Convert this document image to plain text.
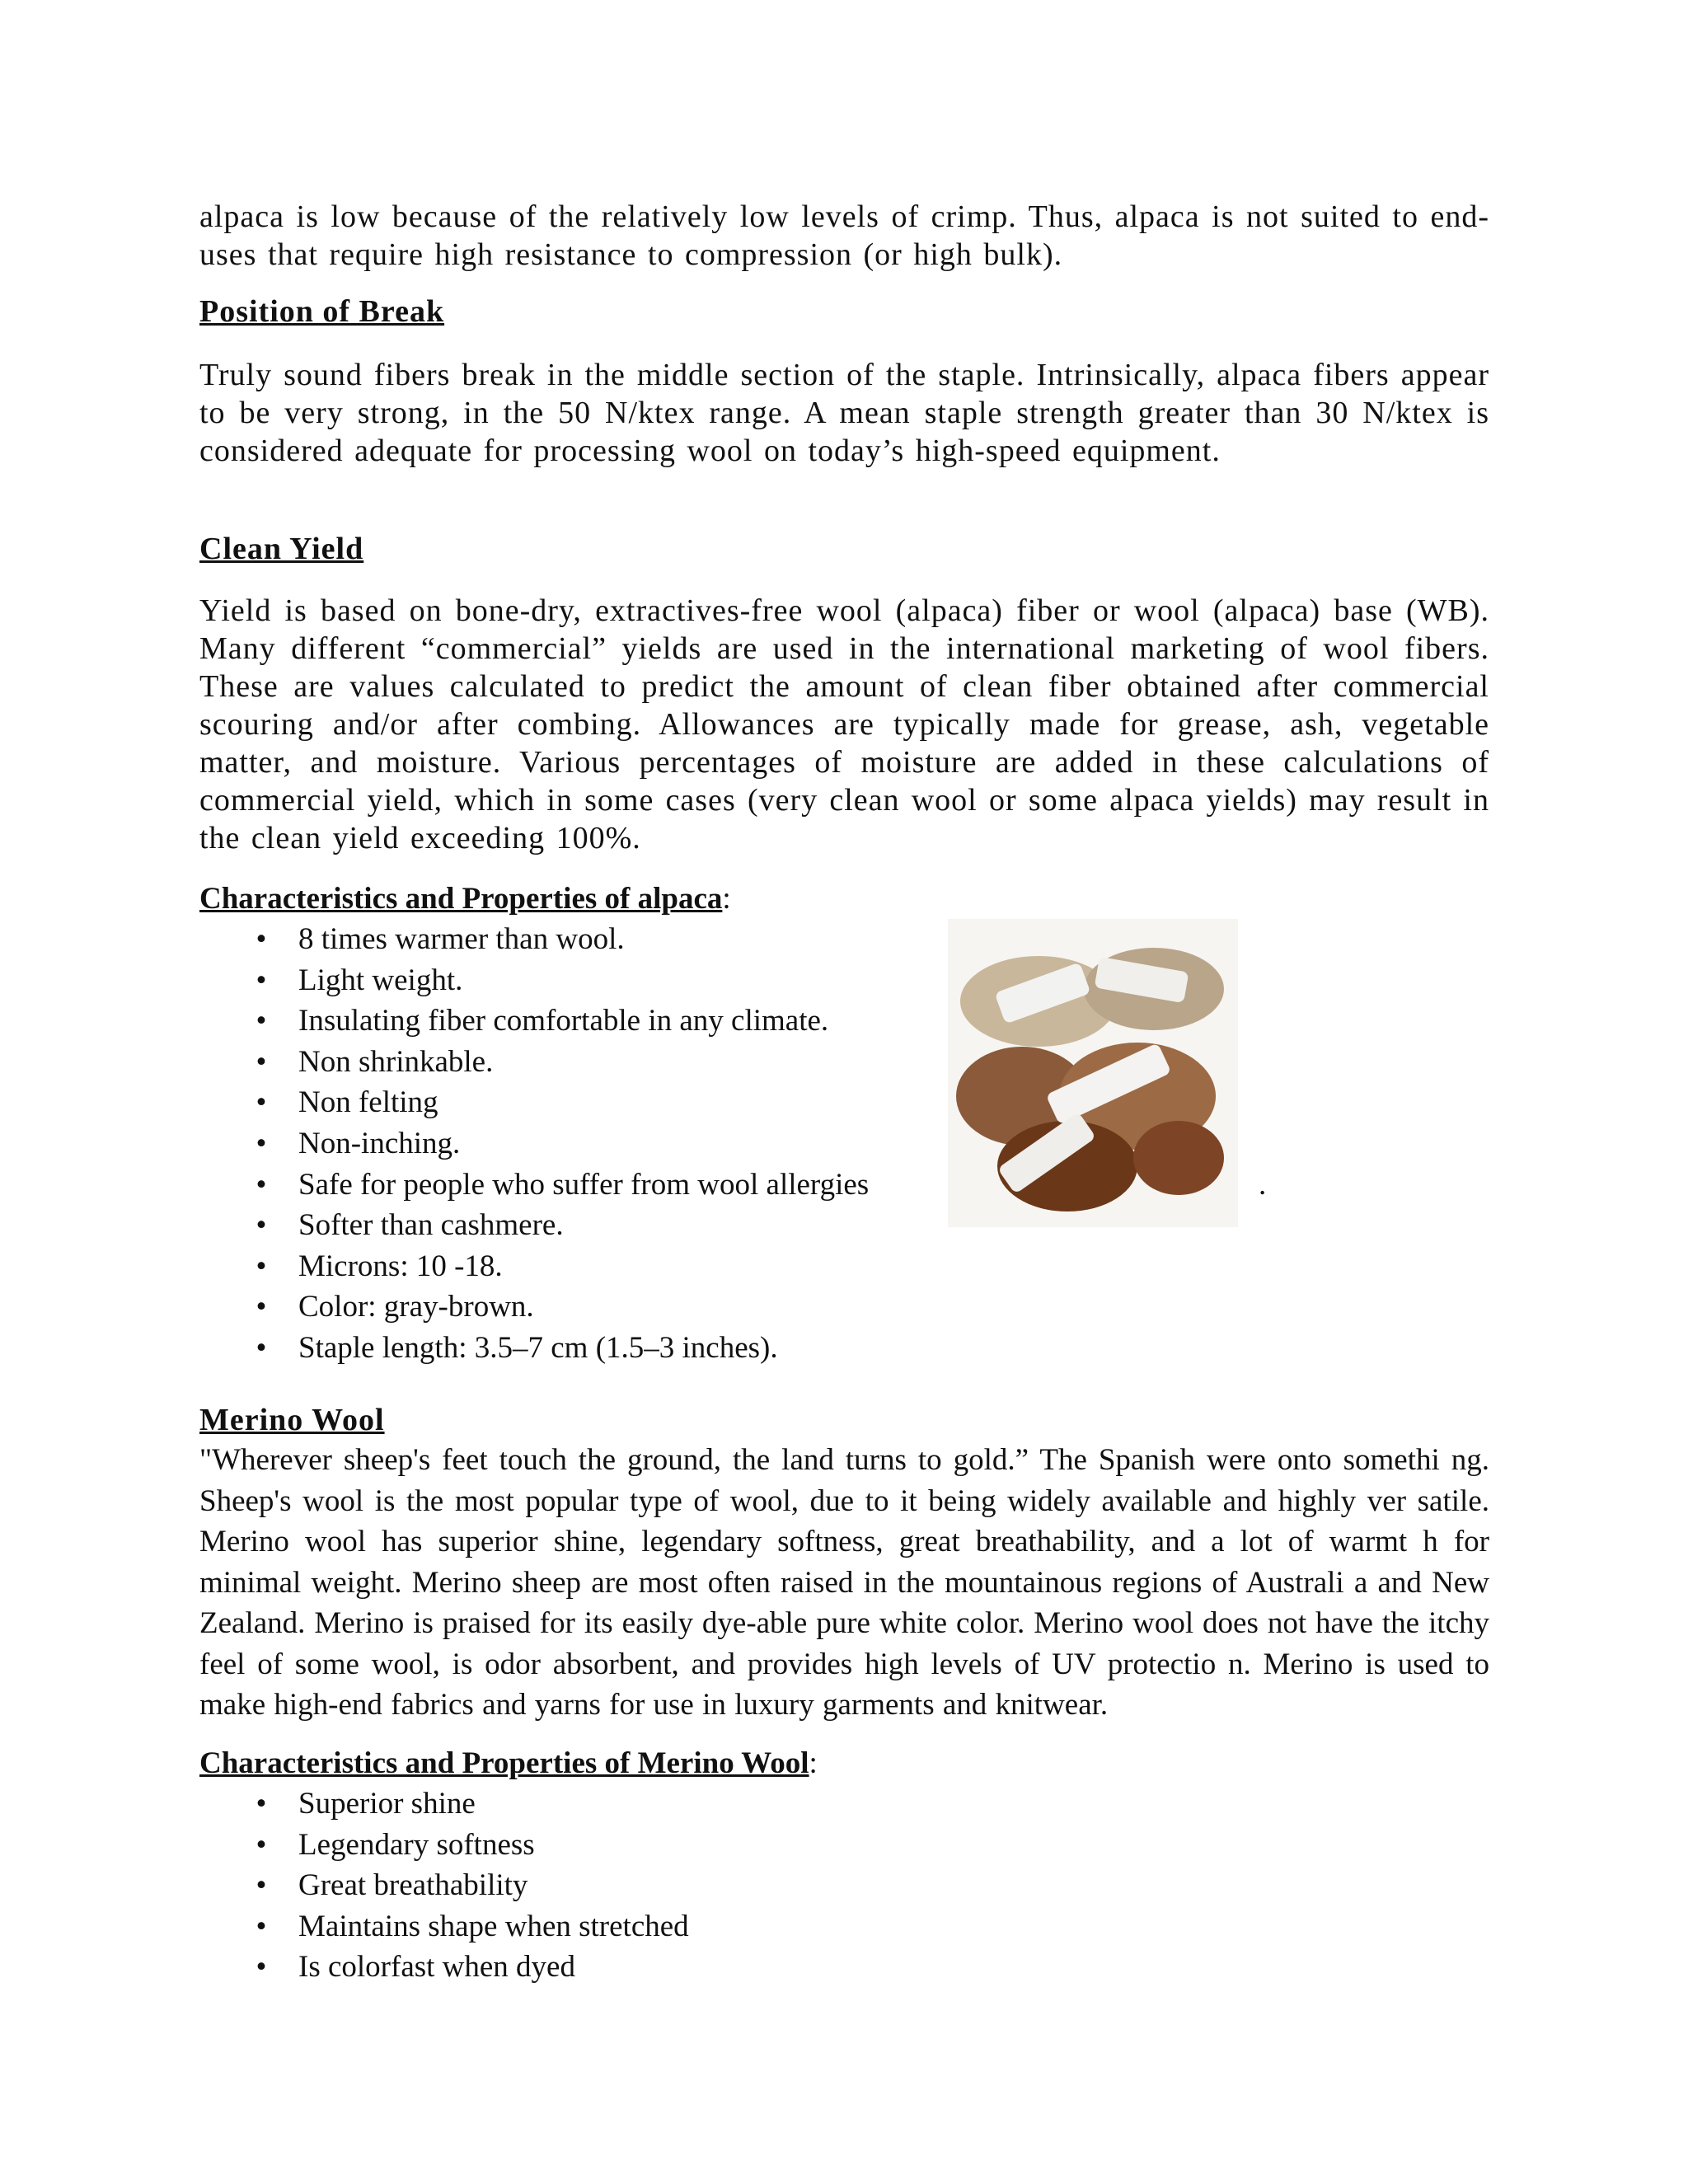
alpaca is low because of the relatively low levels of crimp. Thus, alpaca is not suited to end-uses that require high resistance to compression (or high bulk).

Position of Break

Truly sound fibers break in the middle section of the staple. Intrinsically, alpaca fibers appear to be very strong, in the 50 N/ktex range. A mean staple strength greater than 30 N/ktex is considered adequate for processing wool on today’s high-speed equipment.

Clean Yield

Yield is based on bone-dry, extractives-free wool (alpaca) fiber or wool (alpaca) base (WB). Many different “commercial” yields are used in the international marketing of wool fibers. These are values calculated to predict the amount of clean fiber obtained after commercial scouring and/or after combing. Allowances are typically made for grease, ash, vegetable matter, and moisture. Various percentages of moisture are added in these calculations of commercial yield, which in some cases (very clean wool or some alpaca yields) may result in the clean yield exceeding 100%.

Characteristics and Properties of alpaca:
• 8 times warmer than wool.
• Light weight.
• Insulating fiber comfortable in any climate.
• Non shrinkable.
• Non felting
• Non-inching.
• Safe for people who suffer from wool allergies	.
• Softer than cashmere.
• Microns: 10 -18.
• Color: gray-brown.
• Staple length: 3.5–7 cm (1.5–3 inches).

Merino Wool

"Wherever sheep's feet touch the ground, the land turns to gold.” The Spanish were onto somethi ng. Sheep's wool is the most popular type of wool, due to it being widely available and highly ver satile. Merino wool has superior shine, legendary softness, great breathability, and a lot of warmt h for minimal weight. Merino sheep are most often raised in the mountainous regions of Australi a and New Zealand. Merino is praised for its easily dye-able pure white color. Merino wool does not have the itchy feel of some wool, is odor absorbent, and provides high levels of UV protectio n. Merino is used to make high-end fabrics and yarns for use in luxury garments and knitwear.

Characteristics and Properties of Merino Wool:
• Superior shine
• Legendary softness
• Great breathability
• Maintains shape when stretched
• Is colorfast when dyed
